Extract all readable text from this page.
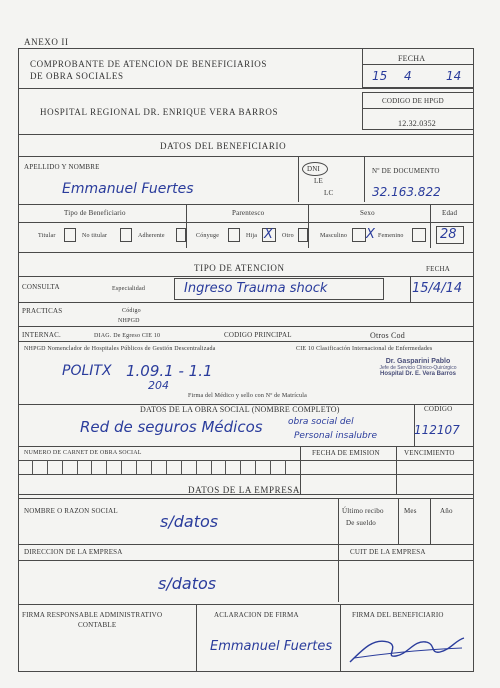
ANEXO II
COMPROBANTE DE ATENCION DE BENEFICIARIOS
DE OBRA SOCIALES
FECHA
15 4	14
HOSPITAL REGIONAL DR. ENRIQUE VERA BARROS
CODIGO DE HPGD
12.32.0352
DATOS DEL BENEFICIARIO
APELLIDO Y NOMBRE
Emmanuel Fuertes
DNI
LE
LC
Nº DE DOCUMENTO
32.163.822
Tipo de Beneficiario	Parentesco	Sexo	Edad
Titular	No titular	Adherente	Cónyuge	Hija X Otro	Masculino X Femenino	28
TIPO DE ATENCION	FECHA
CONSULTA	Especialidad	Ingreso Trauma shock	15/4/14
PRACTICAS	Código
NHPGD
INTERNAC.	DIAG. De Egreso CIE 10	CODIGO PRINCIPAL	Otros Cod
NHPGD Nomenclador de Hospitales Públicos de Gestión Descentralizada	CIE 10 Clasificación Internacional de Enfermedades
POLITX 1.09.1 - 1.1
204
Firma del Médico y sello con Nº de Matrícula
Dr. Gasparini Pablo
Jefe de Servicio Clínico-Quirúrgico
Hospital Dr. E. Vera Barros
DATOS DE LA OBRA SOCIAL (NOMBRE COMPLETO)	CODIGO
Red de seguros Médicos	obra social del
Personal insalubre	112107
NUMERO DE CARNET DE OBRA SOCIAL	FECHA DE EMISION	VENCIMIENTO
DATOS DE LA EMPRESA
NOMBRE O RAZON SOCIAL
s/datos
Último recibo
De sueldo
Mes	Año
DIRECCION DE LA EMPRESA	CUIT DE LA EMPRESA
s/datos
FIRMA RESPONSABLE ADMINISTRATIVO
CONTABLE
ACLARACION DE FIRMA	FIRMA DEL BENEFICIARIO
Emmanuel Fuertes
